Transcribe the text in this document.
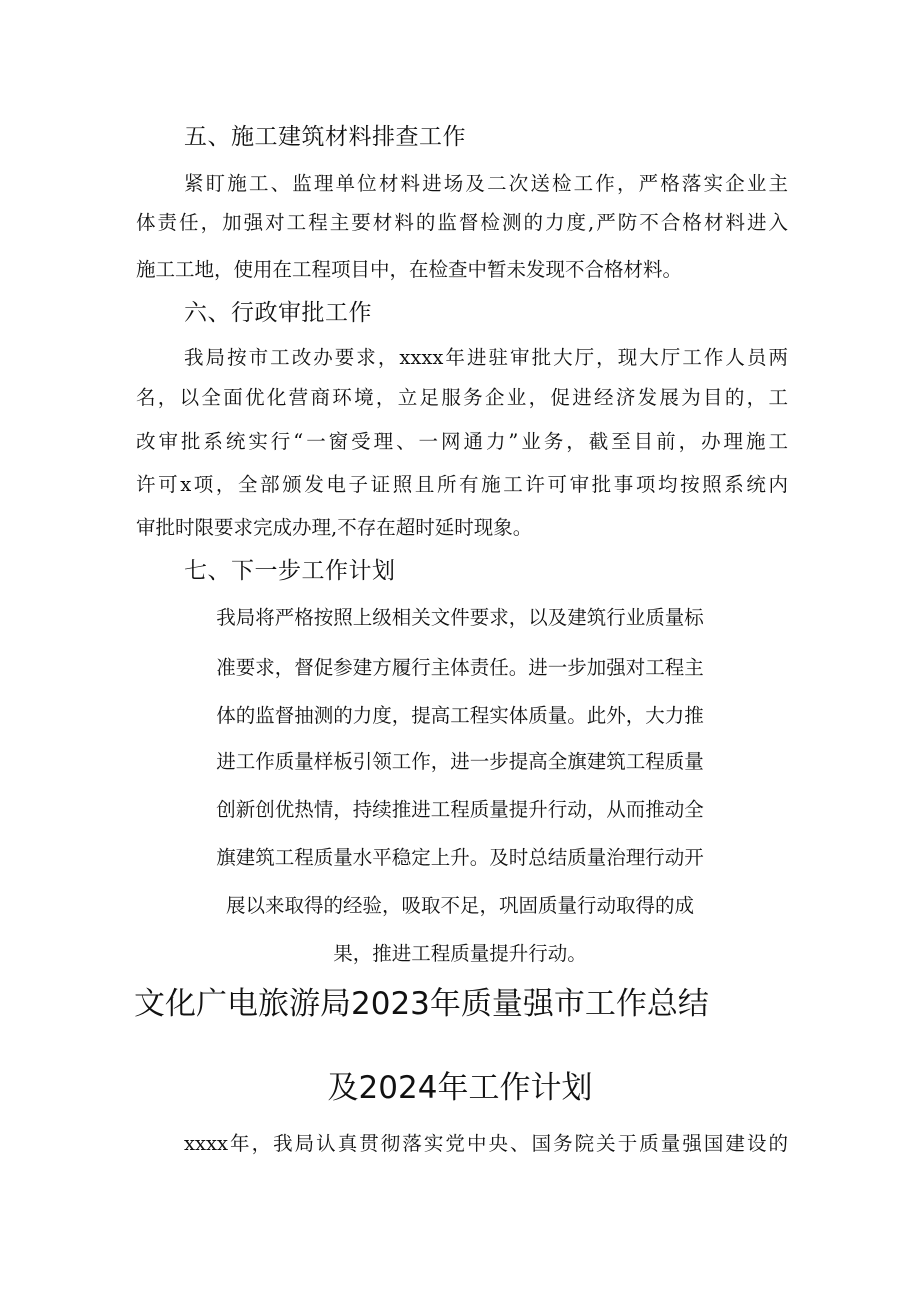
五、施工建筑材料排查工作
紧盯施工、监理单位材料进场及二次送检工作，严格落实企业主
体责任，加强对工程主要材料的监督检测的力度,严防不合格材料进入
施工工地，使用在工程项目中，在检查中暂未发现不合格材料。
六、行政审批工作
我局按市工改办要求，xxxx年进驻审批大厅，现大厅工作人员两
名，以全面优化营商环境，立足服务企业，促进经济发展为目的，工
改审批系统实行“一窗受理、一网通力”业务，截至目前，办理施工
许可x项，全部颁发电子证照且所有施工许可审批事项均按照系统内
审批时限要求完成办理,不存在超时延时现象。
七、下一步工作计划
我局将严格按照上级相关文件要求，以及建筑行业质量标
准要求，督促参建方履行主体责任。进一步加强对工程主
体的监督抽测的力度，提高工程实体质量。此外，大力推
进工作质量样板引领工作，进一步提高全旗建筑工程质量
创新创优热情，持续推进工程质量提升行动，从而推动全
旗建筑工程质量水平稳定上升。及时总结质量治理行动开
展以来取得的经验，吸取不足，巩固质量行动取得的成
果，推进工程质量提升行动。
文化广电旅游局2023年质量强市工作总结
及2024年工作计划
xxxx年，我局认真贯彻落实党中央、国务院关于质量强国建设的
